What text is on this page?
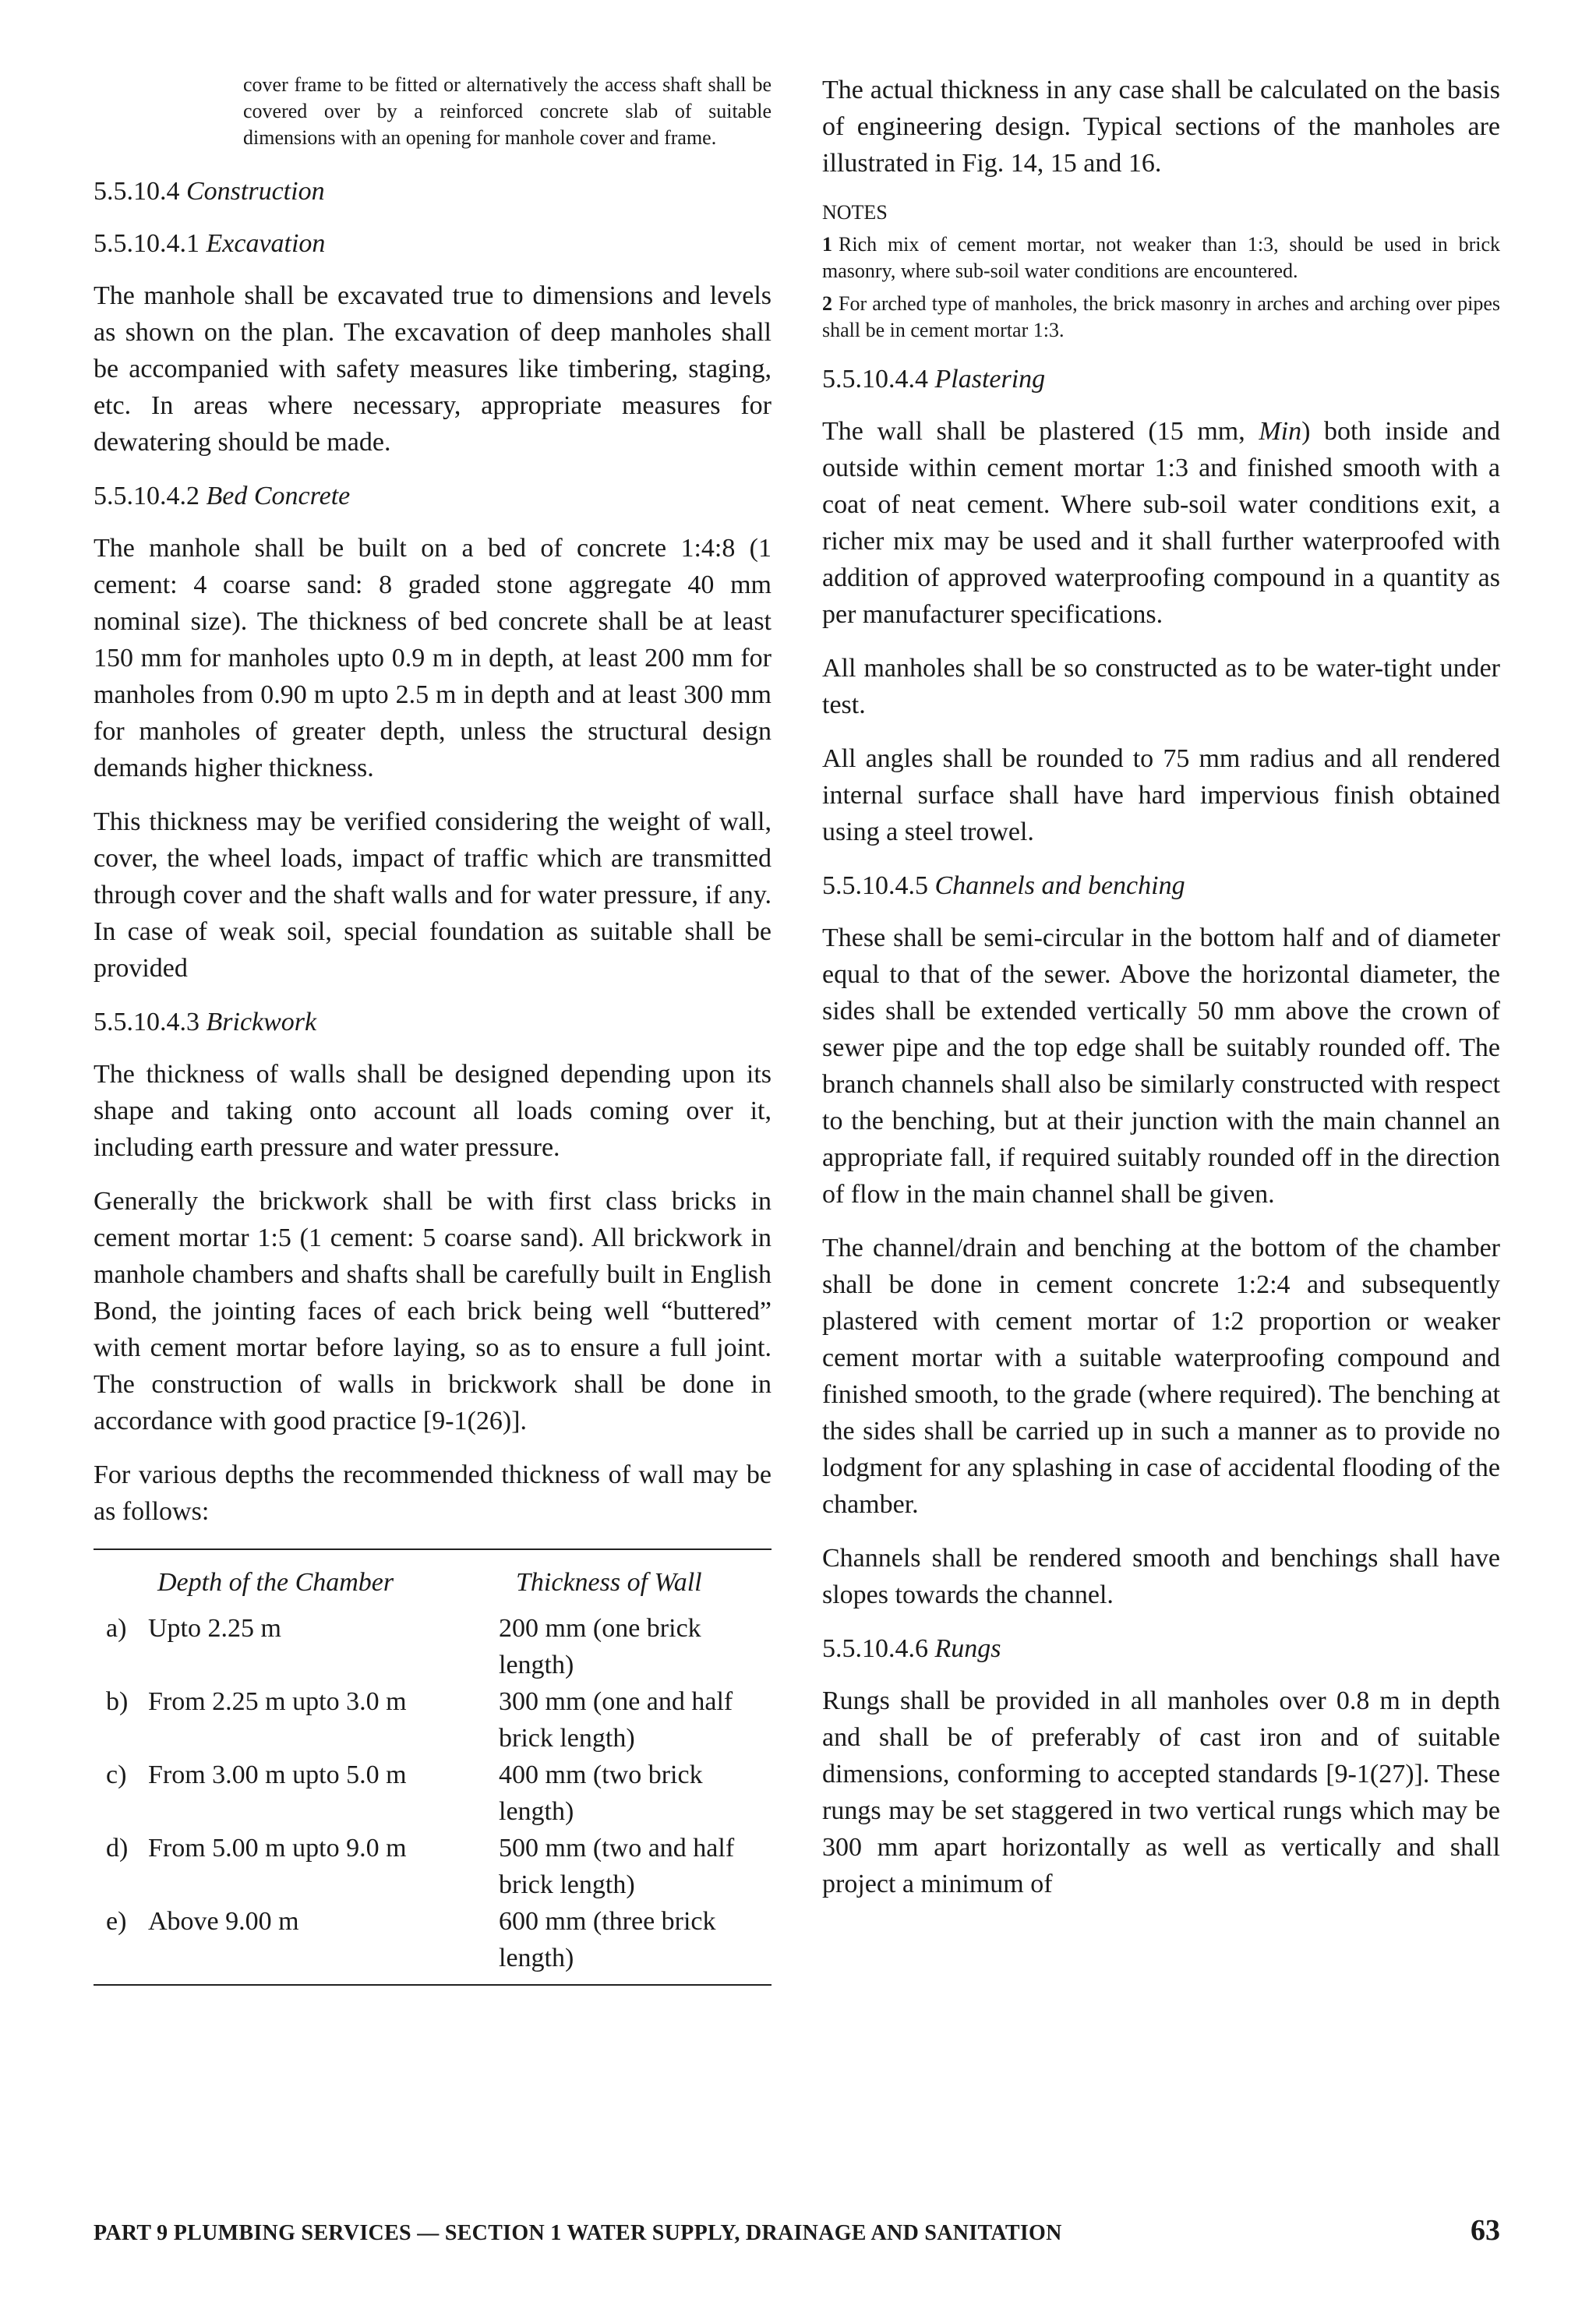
cover frame to be fitted or alternatively the access shaft shall be covered over by a reinforced concrete slab of suitable dimensions with an opening for manhole cover and frame.

5.5.10.4 Construction
5.5.10.4.1 Excavation

The manhole shall be excavated true to dimensions and levels as shown on the plan. The excavation of deep manholes shall be accompanied with safety measures like timbering, staging, etc. In areas where necessary, appropriate measures for dewatering should be made.

5.5.10.4.2 Bed Concrete

The manhole shall be built on a bed of concrete 1:4:8 (1 cement: 4 coarse sand: 8 graded stone aggregate 40 mm nominal size). The thickness of bed concrete shall be at least 150 mm for manholes upto 0.9 m in depth, at least 200 mm for manholes from 0.90 m upto 2.5 m in depth and at least 300 mm for manholes of greater depth, unless the structural design demands higher thickness.

This thickness may be verified considering the weight of wall, cover, the wheel loads, impact of traffic which are transmitted through cover and the shaft walls and for water pressure, if any. In case of weak soil, special foundation as suitable shall be provided

5.5.10.4.3 Brickwork

The thickness of walls shall be designed depending upon its shape and taking onto account all loads coming over it, including earth pressure and water pressure.

Generally the brickwork shall be with first class bricks in cement mortar 1:5 (1 cement: 5 coarse sand). All brickwork in manhole chambers and shafts shall be carefully built in English Bond, the jointing faces of each brick being well “buttered” with cement mortar before laying, so as to ensure a full joint. The construction of walls in brickwork shall be done in accordance with good practice [9-1(26)].

For various depths the recommended thickness of wall may be as follows:

Depth of the Chamber	Thickness of Wall
a) Upto 2.25 m	200 mm (one brick length)
b) From 2.25 m upto 3.0 m	300 mm (one and half brick length)
c) From 3.00 m upto 5.0 m	400 mm (two brick length)
d) From 5.00 m upto 9.0 m	500 mm (two and half brick length)
e) Above 9.00 m	600 mm (three brick length)

The actual thickness in any case shall be calculated on the basis of engineering design. Typical sections of the manholes are illustrated in Fig. 14, 15 and 16.

NOTES

1 Rich mix of cement mortar, not weaker than 1:3, should be used in brick masonry, where sub-soil water conditions are encountered.

2 For arched type of manholes, the brick masonry in arches and arching over pipes shall be in cement mortar 1:3.

5.5.10.4.4 Plastering

The wall shall be plastered (15 mm, Min) both inside and outside within cement mortar 1:3 and finished smooth with a coat of neat cement. Where sub-soil water conditions exit, a richer mix may be used and it shall further waterproofed with addition of approved waterproofing compound in a quantity as per manufacturer specifications.

All manholes shall be so constructed as to be water-tight under test.

All angles shall be rounded to 75 mm radius and all rendered internal surface shall have hard impervious finish obtained using a steel trowel.

5.5.10.4.5 Channels and benching

These shall be semi-circular in the bottom half and of diameter equal to that of the sewer. Above the horizontal diameter, the sides shall be extended vertically 50 mm above the crown of sewer pipe and the top edge shall be suitably rounded off. The branch channels shall also be similarly constructed with respect to the benching, but at their junction with the main channel an appropriate fall, if required suitably rounded off in the direction of flow in the main channel shall be given.

The channel/drain and benching at the bottom of the chamber shall be done in cement concrete 1:2:4 and subsequently plastered with cement mortar of 1:2 proportion or weaker cement mortar with a suitable waterproofing compound and finished smooth, to the grade (where required). The benching at the sides shall be carried up in such a manner as to provide no lodgment for any splashing in case of accidental flooding of the chamber.

Channels shall be rendered smooth and benchings shall have slopes towards the channel.

5.5.10.4.6 Rungs

Rungs shall be provided in all manholes over 0.8 m in depth and shall be of preferably of cast iron and of suitable dimensions, conforming to accepted standards [9-1(27)]. These rungs may be set staggered in two vertical rungs which may be 300 mm apart horizontally as well as vertically and shall project a minimum of

PART 9 PLUMBING SERVICES — SECTION 1 WATER SUPPLY, DRAINAGE AND SANITATION	63
